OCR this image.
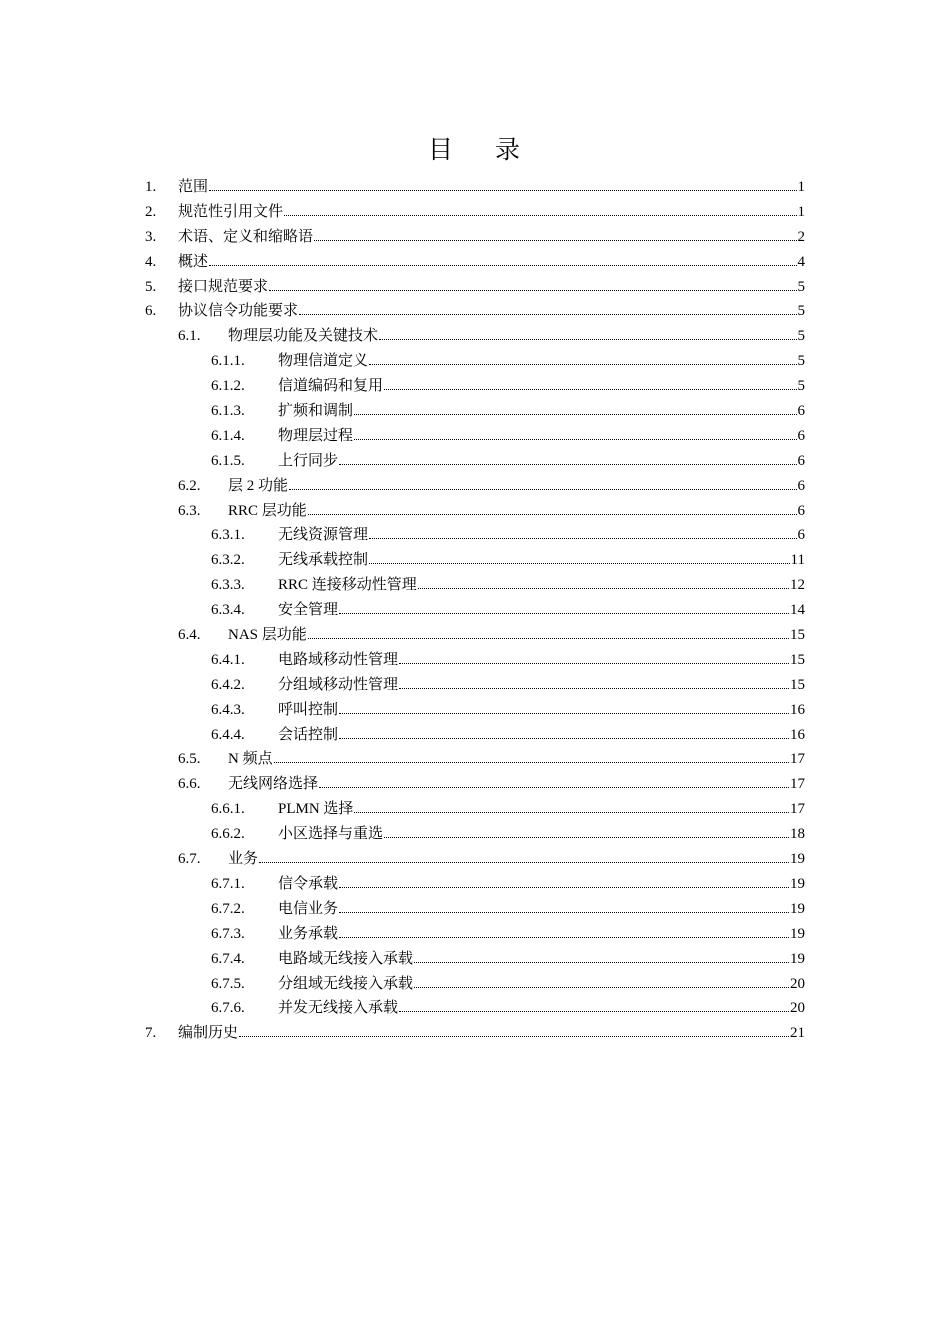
目 录
1. 范围	1
2. 规范性引用文件	1
3. 术语、定义和缩略语	2
4. 概述	4
5. 接口规范要求	5
6. 协议信令功能要求	5
6.1. 物理层功能及关键技术	5
6.1.1. 物理信道定义	5
6.1.2. 信道编码和复用	5
6.1.3. 扩频和调制	6
6.1.4. 物理层过程	6
6.1.5. 上行同步	6
6.2. 层 2 功能	6
6.3. RRC 层功能	6
6.3.1. 无线资源管理	6
6.3.2. 无线承载控制	11
6.3.3. RRC 连接移动性管理	12
6.3.4. 安全管理	14
6.4. NAS 层功能	15
6.4.1. 电路域移动性管理	15
6.4.2. 分组域移动性管理	15
6.4.3. 呼叫控制	16
6.4.4. 会话控制	16
6.5. N 频点	17
6.6. 无线网络选择	17
6.6.1. PLMN 选择	17
6.6.2. 小区选择与重选	18
6.7. 业务	19
6.7.1. 信令承载	19
6.7.2. 电信业务	19
6.7.3. 业务承载	19
6.7.4. 电路域无线接入承载	19
6.7.5. 分组域无线接入承载	20
6.7.6. 并发无线接入承载	20
7. 编制历史	21
